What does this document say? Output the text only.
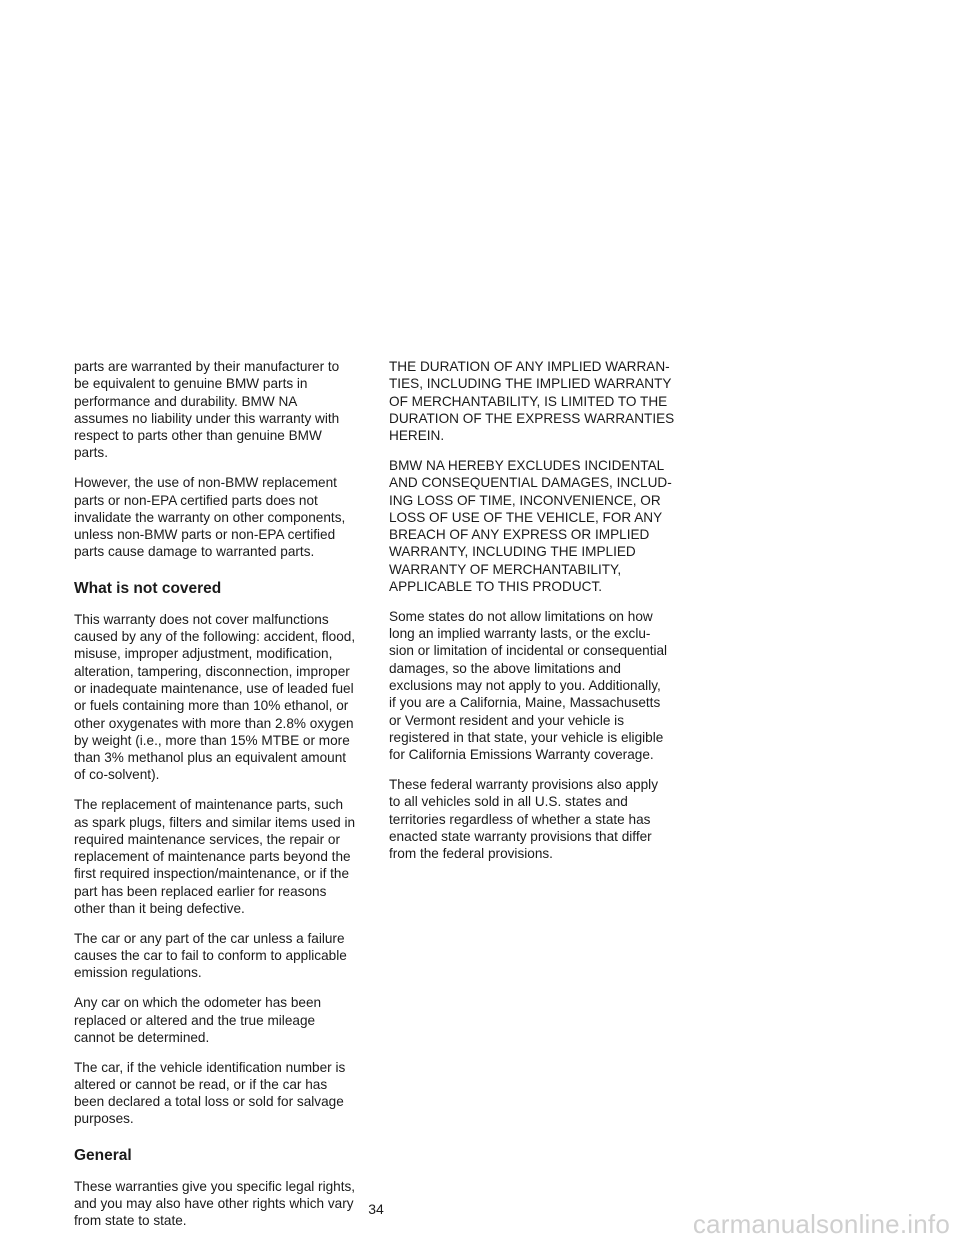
parts are warranted by their manufacturer to
be equivalent to genuine BMW parts in
performance and durability. BMW NA
assumes no liability under this warranty with
respect to parts other than genuine BMW
parts.

However, the use of non-BMW replacement
parts or non-EPA certified parts does not
invalidate the warranty on other components,
unless non-BMW parts or non-EPA certified
parts cause damage to warranted parts.

What is not covered

This warranty does not cover malfunctions
caused by any of the following: accident, flood,
misuse, improper adjustment, modification,
alteration, tampering, disconnection, improper
or inadequate maintenance, use of leaded fuel
or fuels containing more than 10% ethanol, or
other oxygenates with more than 2.8% oxygen
by weight (i.e., more than 15% MTBE or more
than 3% methanol plus an equivalent amount
of co-solvent).

The replacement of maintenance parts, such
as spark plugs, filters and similar items used in
required maintenance services, the repair or
replacement of maintenance parts beyond the
first required inspection/maintenance, or if the
part has been replaced earlier for reasons
other than it being defective.

The car or any part of the car unless a failure
causes the car to fail to conform to applicable
emission regulations.

Any car on which the odometer has been
replaced or altered and the true mileage
cannot be determined.

The car, if the vehicle identification number is
altered or cannot be read, or if the car has
been declared a total loss or sold for salvage
purposes.

General

These warranties give you specific legal rights,
and you may also have other rights which vary
from state to state.

THE DURATION OF ANY IMPLIED WARRAN-
TIES, INCLUDING THE IMPLIED WARRANTY
OF MERCHANTABILITY, IS LIMITED TO THE
DURATION OF THE EXPRESS WARRANTIES
HEREIN.

BMW NA HEREBY EXCLUDES INCIDENTAL
AND CONSEQUENTIAL DAMAGES, INCLUD-
ING LOSS OF TIME, INCONVENIENCE, OR
LOSS OF USE OF THE VEHICLE, FOR ANY
BREACH OF ANY EXPRESS OR IMPLIED
WARRANTY, INCLUDING THE IMPLIED
WARRANTY OF MERCHANTABILITY,
APPLICABLE TO THIS PRODUCT.

Some states do not allow limitations on how
long an implied warranty lasts, or the exclu-
sion or limitation of incidental or consequential
damages, so the above limitations and
exclusions may not apply to you. Additionally,
if you are a California, Maine, Massachusetts
or Vermont resident and your vehicle is
registered in that state, your vehicle is eligible
for California Emissions Warranty coverage.

These federal warranty provisions also apply
to all vehicles sold in all U.S. states and
territories regardless of whether a state has
enacted state warranty provisions that differ
from the federal provisions.

34	carmanualsonline.info
